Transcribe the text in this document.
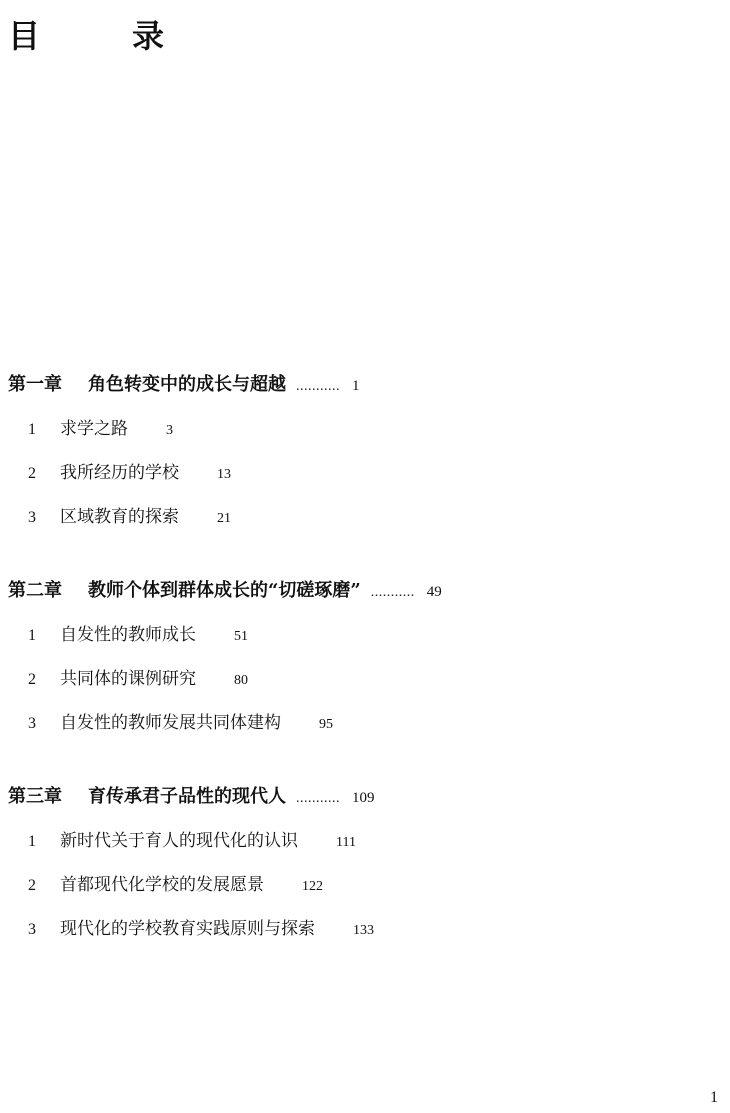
目　录
第一章	角色转变中的成长与超越 ........... 1
1	求学之路	3
2	我所经历的学校	13
3	区域教育的探索	21
第二章	教师个体到群体成长的“切磋琢磨” ........... 49
1	自发性的教师成长	51
2	共同体的课例研究	80
3	自发性的教师发展共同体建构	95
第三章	育传承君子品性的现代人 ........... 109
1	新时代关于育人的现代化的认识	111
2	首都现代化学校的发展愿景	122
3	现代化的学校教育实践原则与探索	133
1
